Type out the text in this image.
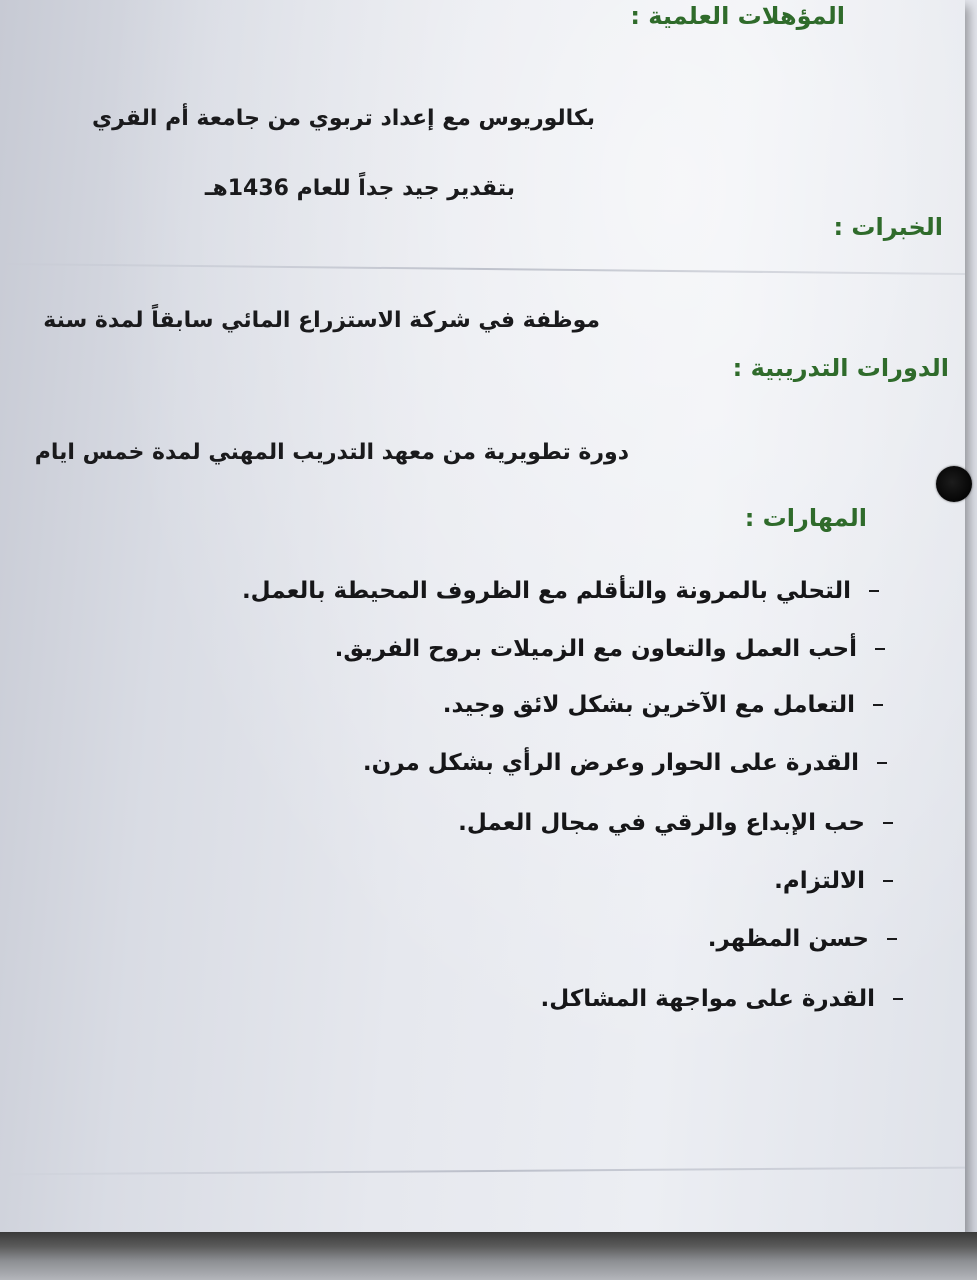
المؤهلات العلمية :
بكالوريوس مع إعداد تربوي من جامعة أم القري
بتقدير جيد جداً للعام 1436هـ
الخبرات :
موظفة في شركة الاستزراع المائي سابقاً لمدة سنة
الدورات التدريبية :
دورة تطويرية من معهد التدريب المهني لمدة خمس ايام
المهارات :
التحلي بالمرونة والتأقلم مع الظروف المحيطة بالعمل.
أحب العمل والتعاون مع الزميلات بروح الفريق.
التعامل مع الآخرين بشكل لائق وجيد.
القدرة على الحوار وعرض الرأي بشكل مرن.
حب الإبداع والرقي في مجال العمل.
الالتزام.
حسن المظهر.
القدرة على مواجهة المشاكل.
